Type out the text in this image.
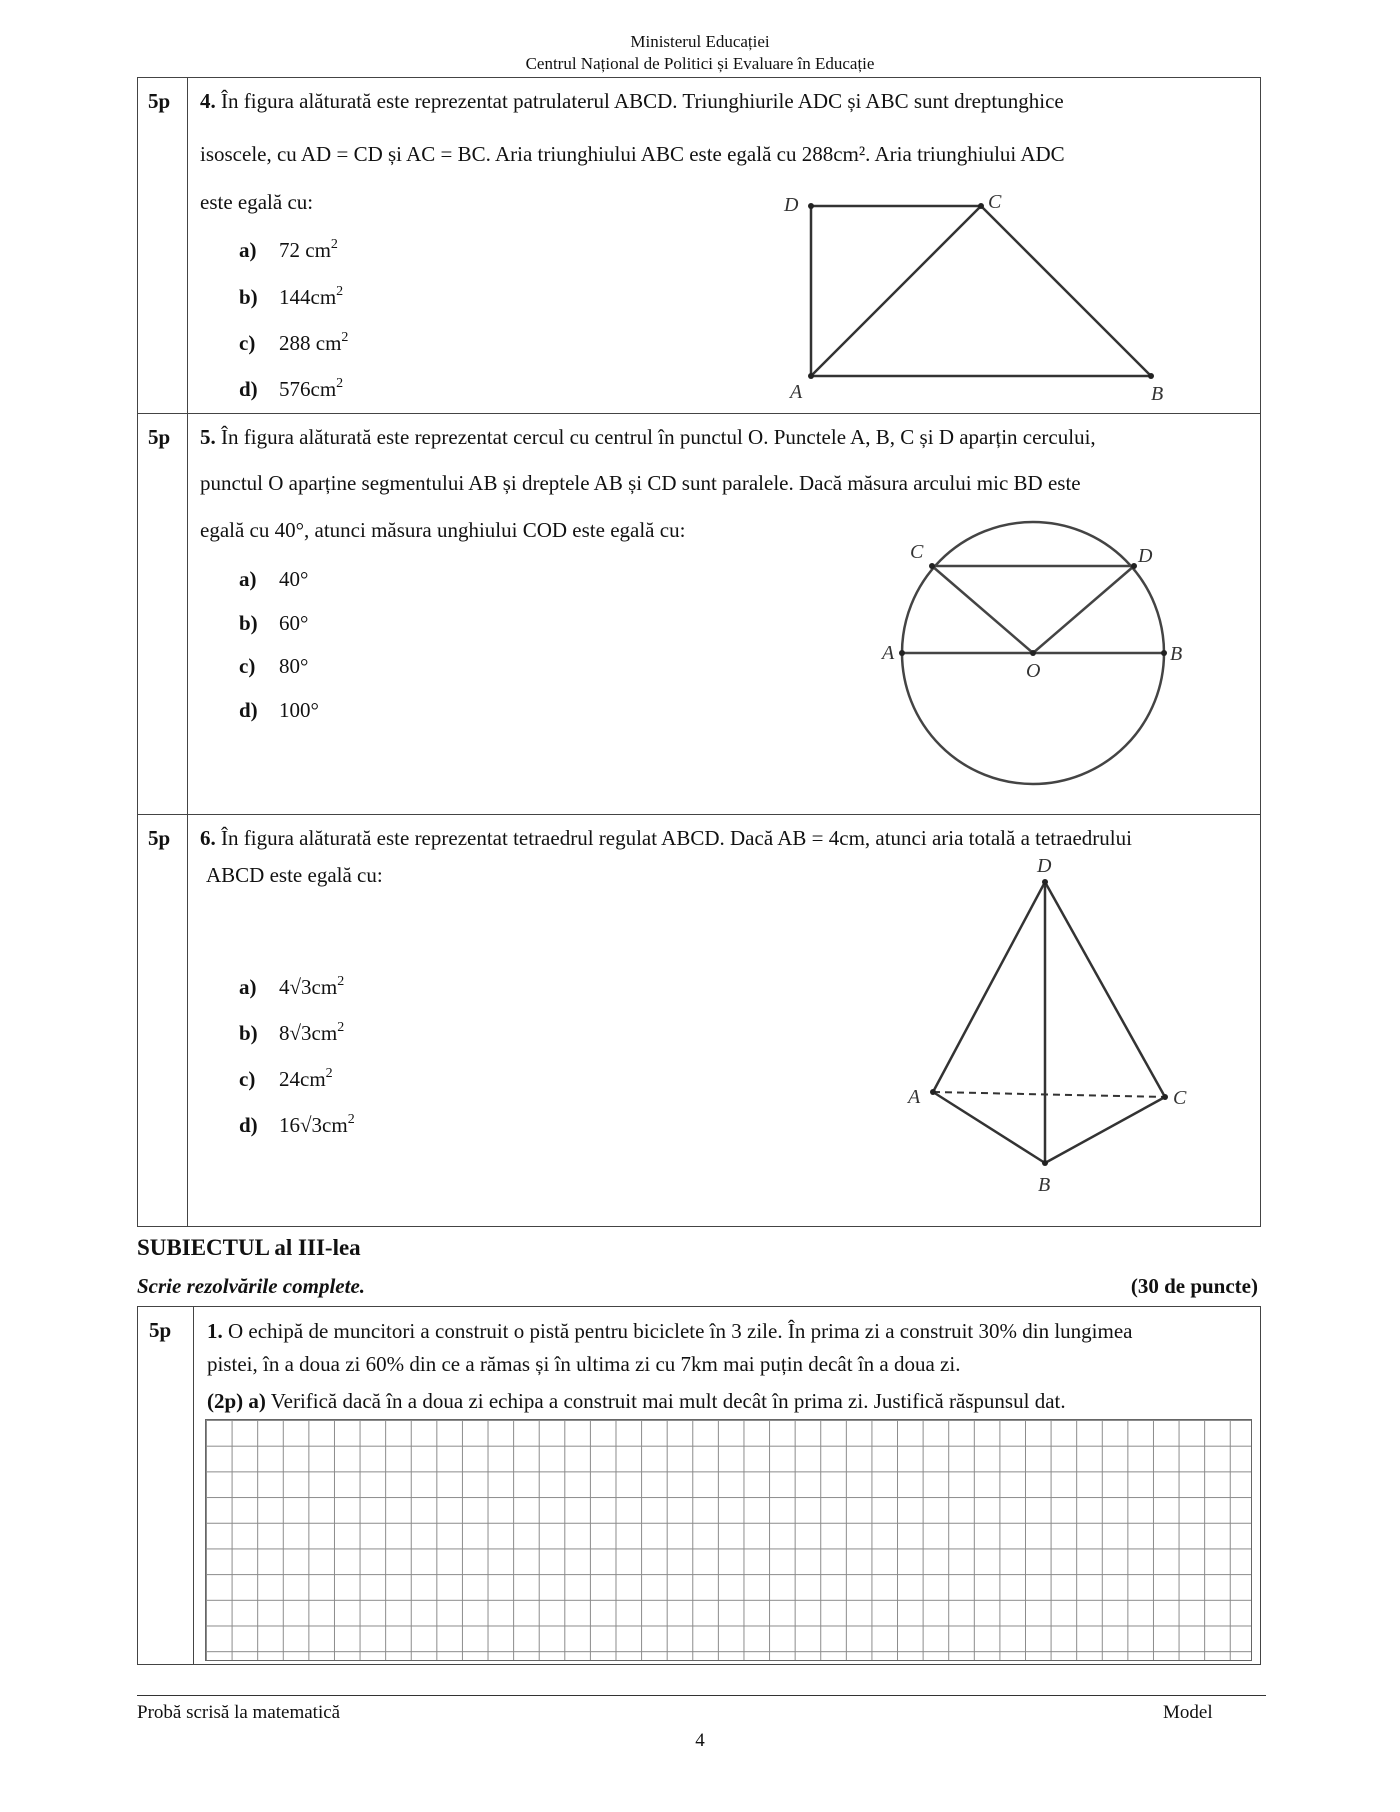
Ministerul Educației
Centrul Național de Politici și Evaluare în Educație
5p 4. În figura alăturată este reprezentat patrulaterul ABCD. Triunghiurile ADC și ABC sunt dreptunghice
isoscele, cu AD = CD și AC = BC. Aria triunghiului ABC este egală cu 288cm². Aria triunghiului ADC
este egală cu:
a) 72 $cm^2$
b) $144cm^2$
c) 288 $cm^2$
d) $576cm^2$
D	C
A	B
5p 5. În figura alăturată este reprezentat cercul cu centrul în punctul O. Punctele A, B, C și D aparțin cercului,
punctul O aparține segmentului AB și dreptele AB și CD sunt paralele. Dacă măsura arcului mic BD este
egală cu 40°, atunci măsura unghiului COD este egală cu:
a) 40°
b) 60°
c) 80°
d) 100°
C	D
A
O
B
5p 6. În figura alăturată este reprezentat tetraedrul regulat ABCD. Dacă AB = 4cm, atunci aria totală a tetraedrului
ABCD este egală cu:
a) $4√3cm^2$
b) $8√3cm^2$
c) $24cm^2$
d) $16√3cm^2$
D
A	C
B
SUBIECTUL al III-lea
Scrie rezolvările complete.	(30 de puncte)
5p 1. O echipă de muncitori a construit o pistă pentru biciclete în 3 zile. În prima zi a construit 30% din lungimea
pistei, în a doua zi 60% din ce a rămas și în ultima zi cu 7km mai puțin decât în a doua zi.
(2p) a) Verifică dacă în a doua zi echipa a construit mai mult decât în prima zi. Justifică răspunsul dat.
Probă scrisă la matematică	Model
4
